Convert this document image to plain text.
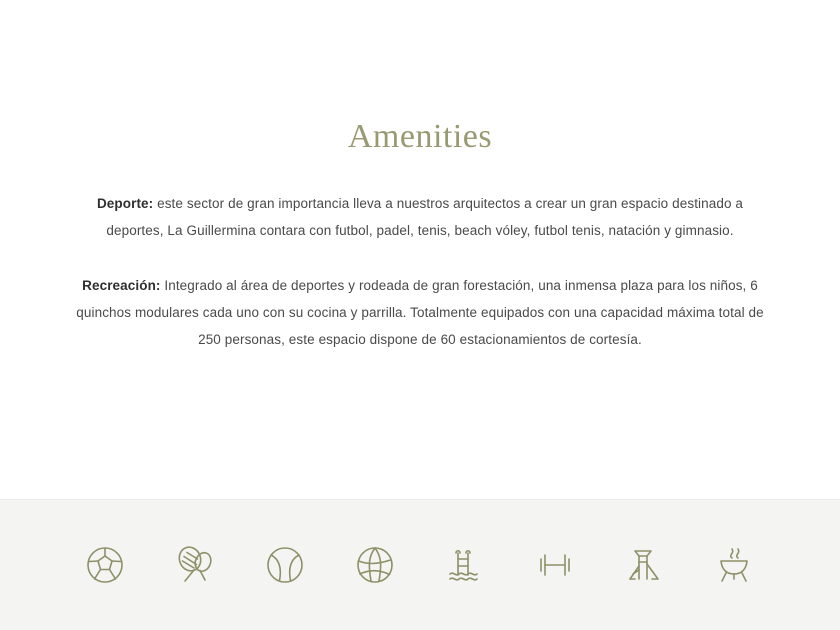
Amenities

Deporte: este sector de gran importancia lleva a nuestros arquitectos a crear un gran espacio destinado a deportes, La Guillermina contara con futbol, padel, tenis, beach vóley, futbol tenis, natación y gimnasio.

Recreación: Integrado al área de deportes y rodeada de gran forestación, una inmensa plaza para los niños, 6 quinchos modulares cada uno con su cocina y parrilla. Totalmente equipados con una capacidad máxima total de 250 personas, este espacio dispone de 60 estacionamientos de cortesía.
